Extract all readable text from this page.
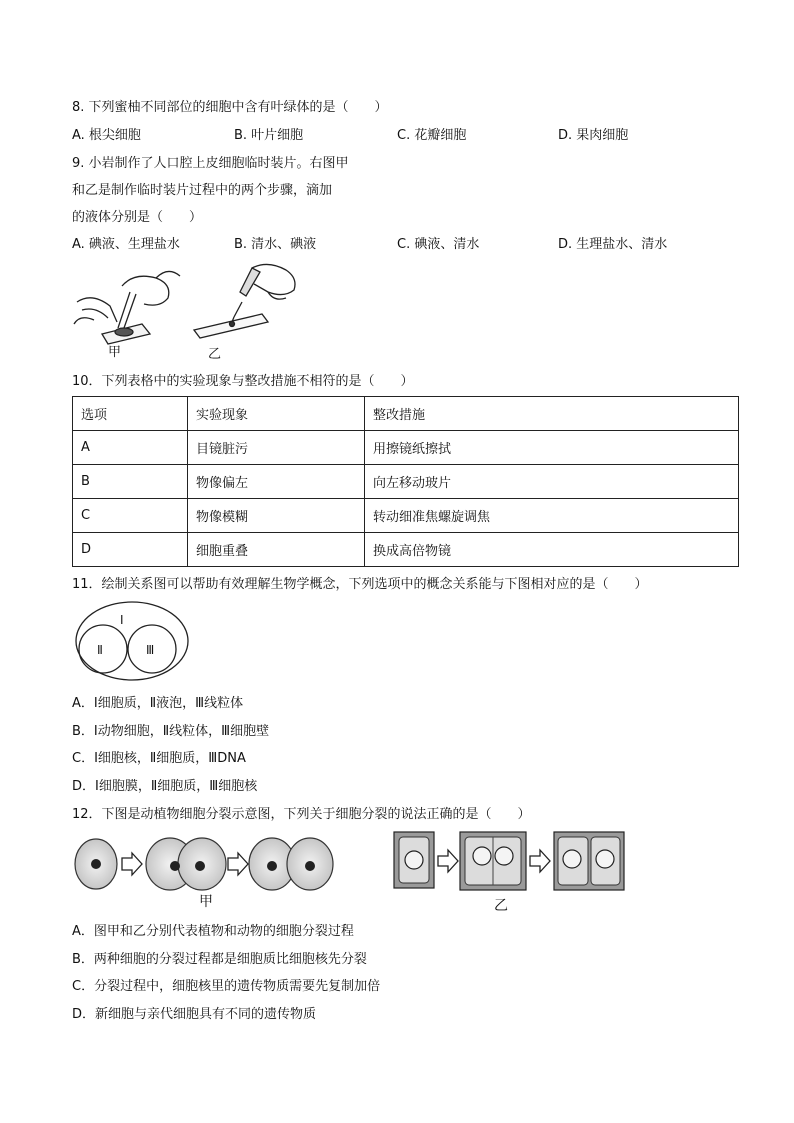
8. 下列蜜柚不同部位的细胞中含有叶绿体的是（　　）
A. 根尖细胞	B. 叶片细胞	C. 花瓣细胞	D. 果肉细胞
9. 小岩制作了人口腔上皮细胞临时装片。右图甲
和乙是制作临时装片过程中的两个步骤，滴加
的液体分别是（　　）
A. 碘液、生理盐水	B. 清水、碘液	C. 碘液、清水	D. 生理盐水、清水
甲	乙
10．下列表格中的实验现象与整改措施不相符的是（　　）
选项	实验现象	整改措施
A	目镜脏污	用擦镜纸擦拭
B	物像偏左	向左移动玻片
C	物像模糊	转动细准焦螺旋调焦
D	细胞重叠	换成高倍物镜
11．绘制关系图可以帮助有效理解生物学概念，下列选项中的概念关系能与下图相对应的是（　　）
Ⅰ
Ⅱ	Ⅲ
A．Ⅰ细胞质，Ⅱ液泡，Ⅲ线粒体
B．Ⅰ动物细胞，Ⅱ线粒体，Ⅲ细胞壁
C．Ⅰ细胞核，Ⅱ细胞质，ⅢDNA
D．Ⅰ细胞膜，Ⅱ细胞质，Ⅲ细胞核
12．下图是动植物细胞分裂示意图，下列关于细胞分裂的说法正确的是（　　）
甲	乙
A．图甲和乙分别代表植物和动物的细胞分裂过程
B．两种细胞的分裂过程都是细胞质比细胞核先分裂
C．分裂过程中，细胞核里的遗传物质需要先复制加倍
D．新细胞与亲代细胞具有不同的遗传物质
